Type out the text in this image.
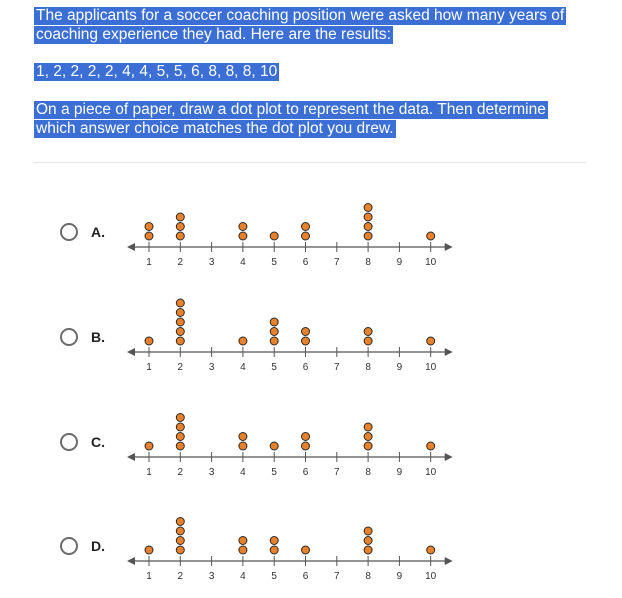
The applicants for a soccer coaching position were asked how many years of
coaching experience they had. Here are the results:
1, 2, 2, 2, 2, 4, 4, 5, 5, 6, 8, 8, 8, 10
On a piece of paper, draw a dot plot to represent the data. Then determine
which answer choice matches the dot plot you drew.
A.
1	2	3	4	5	6	7	8	9 10
B.
1	2	3	4	5	6	7	8	9 10
C.
1	2	3	4	5	6	7	8	9 10
D.
1	2	3	4	5	6	7	8	9 10
